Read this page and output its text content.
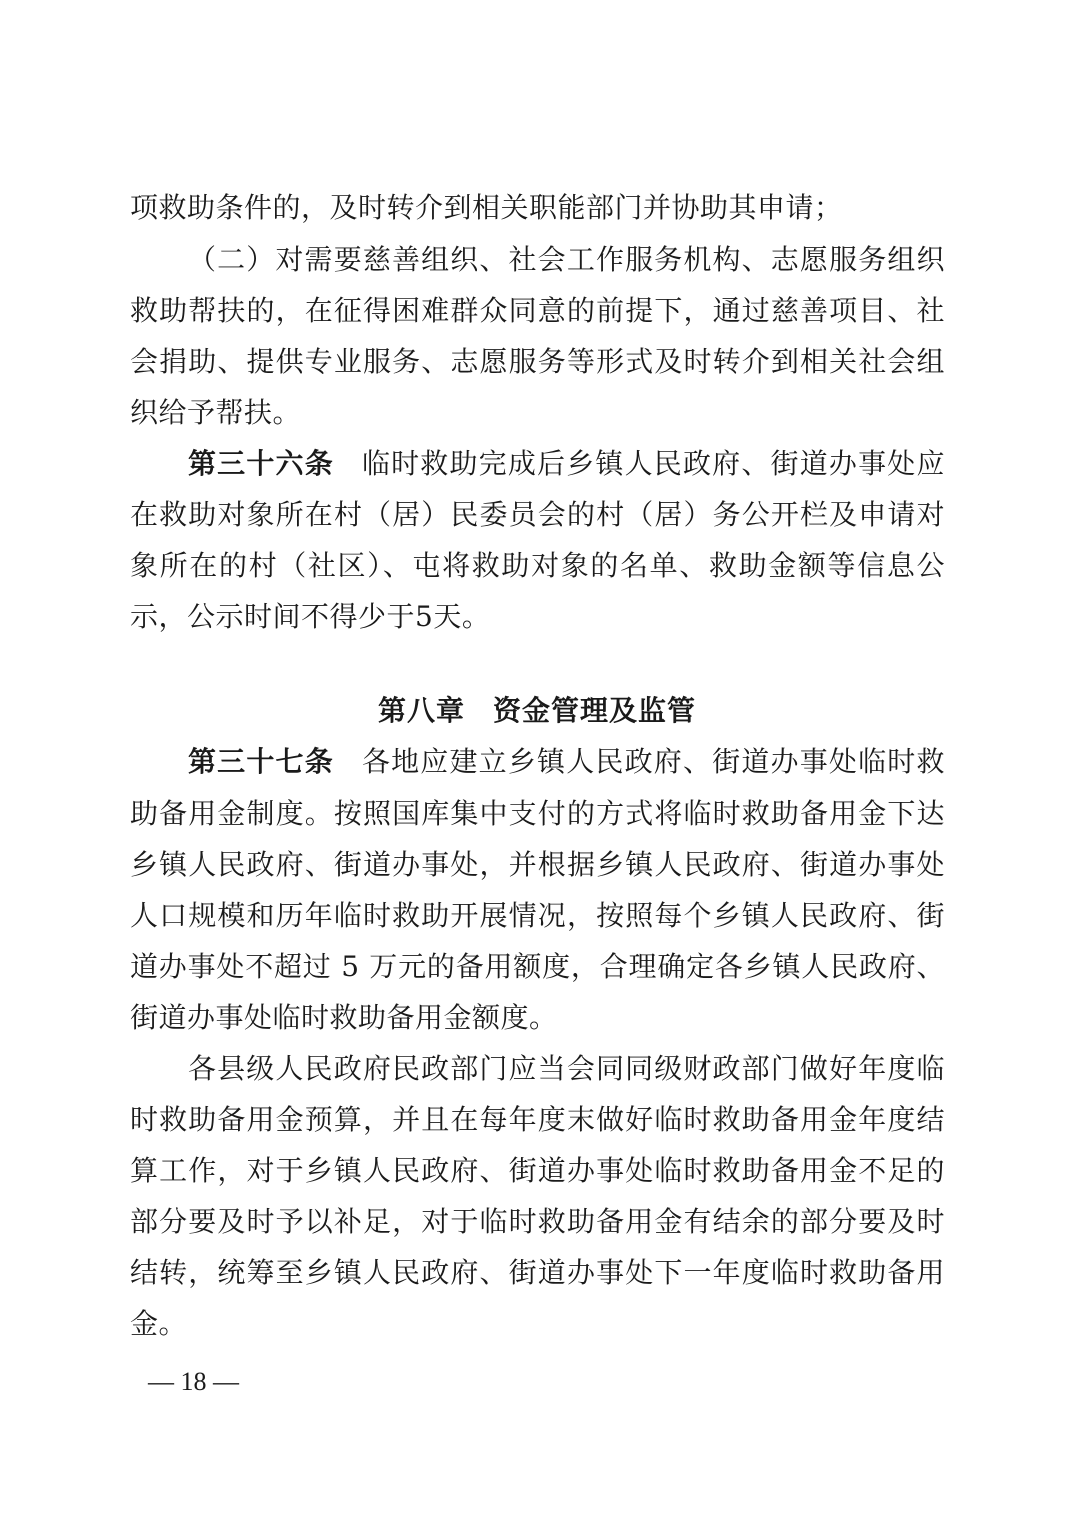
项救助条件的，及时转介到相关职能部门并协助其申请；
（二）对需要慈善组织、社会工作服务机构、志愿服务组织
救助帮扶的，在征得困难群众同意的前提下，通过慈善项目、社
会捐助、提供专业服务、志愿服务等形式及时转介到相关社会组
织给予帮扶。
第三十六条 临时救助完成后乡镇人民政府、街道办事处应
在救助对象所在村（居）民委员会的村（居）务公开栏及申请对
象所在的村（社区）、屯将救助对象的名单、救助金额等信息公
示，公示时间不得少于5天。
第八章 资金管理及监管
第三十七条 各地应建立乡镇人民政府、街道办事处临时救
助备用金制度。按照国库集中支付的方式将临时救助备用金下达
乡镇人民政府、街道办事处，并根据乡镇人民政府、街道办事处
人口规模和历年临时救助开展情况，按照每个乡镇人民政府、街
道办事处不超过 5 万元的备用额度，合理确定各乡镇人民政府、
街道办事处临时救助备用金额度。
各县级人民政府民政部门应当会同同级财政部门做好年度临
时救助备用金预算，并且在每年度末做好临时救助备用金年度结
算工作，对于乡镇人民政府、街道办事处临时救助备用金不足的
部分要及时予以补足，对于临时救助备用金有结余的部分要及时
结转，统筹至乡镇人民政府、街道办事处下一年度临时救助备用
金。
— 18 —
